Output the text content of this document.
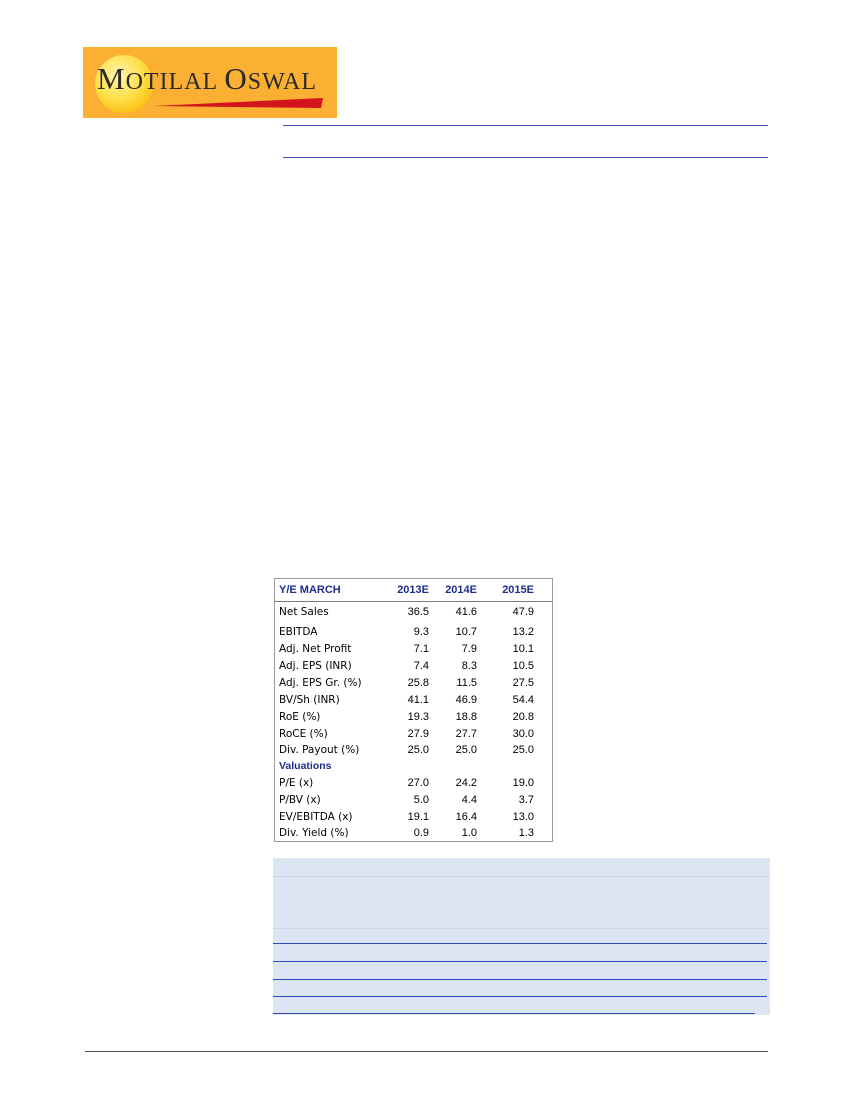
MOTILAL OSWAL
Y/E MARCH	2013E	2014E	2015E
Net Sales	36.5	41.6	47.9
EBITDA	9.3	10.7	13.2
Adj. Net Profit	7.1	7.9	10.1
Adj. EPS (INR)	7.4	8.3	10.5
Adj. EPS Gr. (%)	25.8	11.5	27.5
BV/Sh (INR)	41.1	46.9	54.4
RoE (%)	19.3	18.8	20.8
RoCE (%)	27.9	27.7	30.0
Div. Payout (%)	25.0	25.0	25.0
Valuations
P/E (x)	27.0	24.2	19.0
P/BV (x)	5.0	4.4	3.7
EV/EBITDA (x)	19.1	16.4	13.0
Div. Yield (%)	0.9	1.0	1.3
